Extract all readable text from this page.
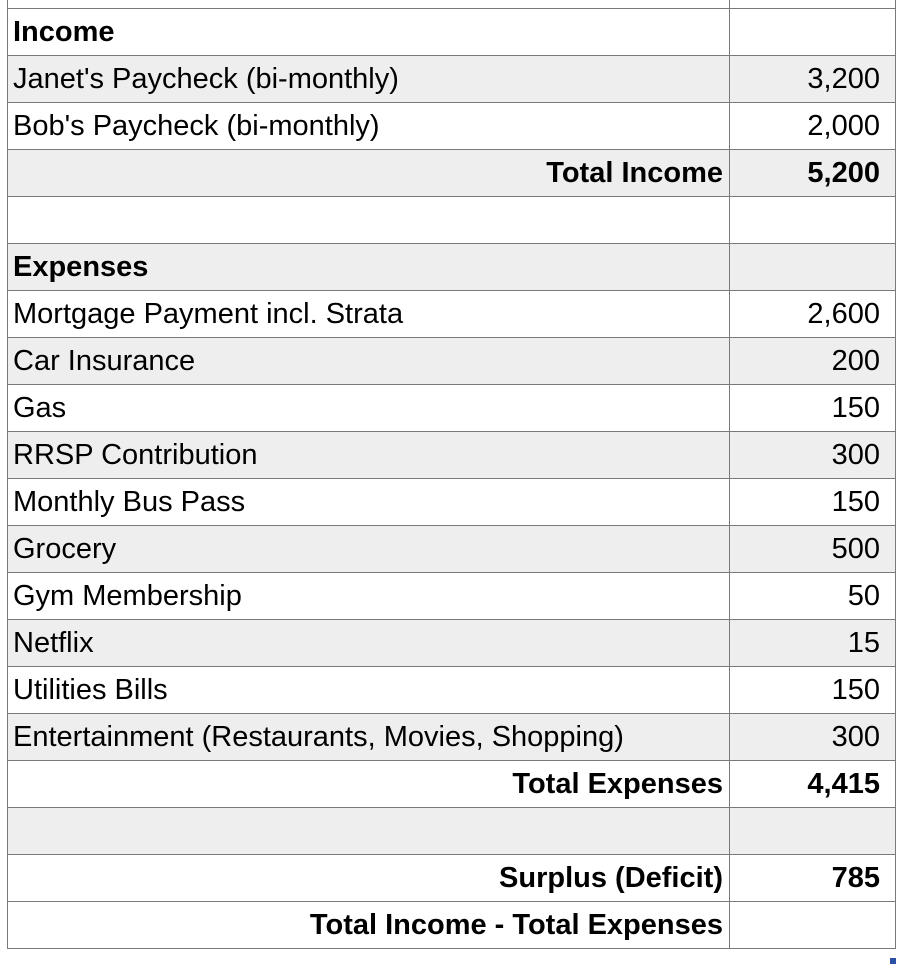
Income
Janet's Paycheck (bi-monthly)	3,200
Bob's Paycheck (bi-monthly)	2,000
Total Income	5,200
Expenses
Mortgage Payment incl. Strata	2,600
Car Insurance	200
Gas	150
RRSP Contribution	300
Monthly Bus Pass	150
Grocery	500
Gym Membership	50
Netflix	15
Utilities Bills	150
Entertainment (Restaurants, Movies, Shopping)	300
Total Expenses	4,415
Surplus (Deficit)	785
Total Income - Total Expenses
